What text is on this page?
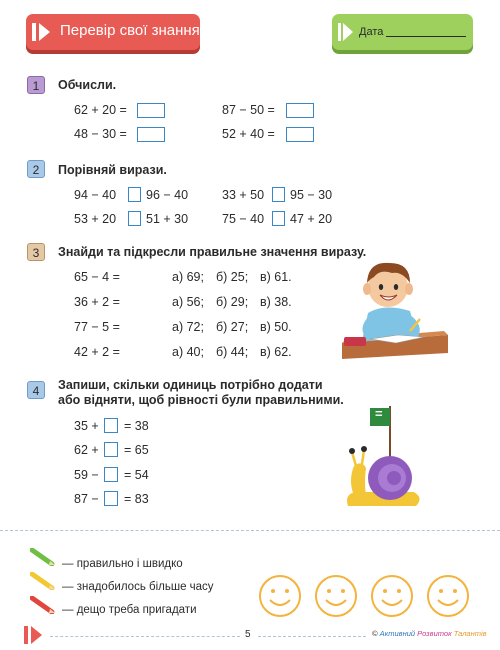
Перевір свої знання	Дата
1	Обчисли.
62 + 20 =	87 − 50 =
48 − 30 =	52 + 40 =
2	Порівняй вирази.
94 − 40 96 − 40	33 + 50 95 − 30
53 + 20 51 + 30	75 − 40 47 + 20
3	Знайди та підкресли правильне значення виразу.
65 − 4 =	а) 69; б) 25; в) 61.
36 + 2 =	а) 56; б) 29; в) 38.
77 − 5 =	а) 72; б) 27; в) 50.
42 + 2 =	а) 40; б) 44; в) 62.
4	Запиши, скільки одиниць потрібно додати
або відняти, щоб рівності були правильними.
35 + = 38
62 + = 65
59 − = 54
87 − = 83
=
— правильно і швидко
— знадобилось більше часу
— дещо треба пригадати
5	© Активний Розвиток Талантів
